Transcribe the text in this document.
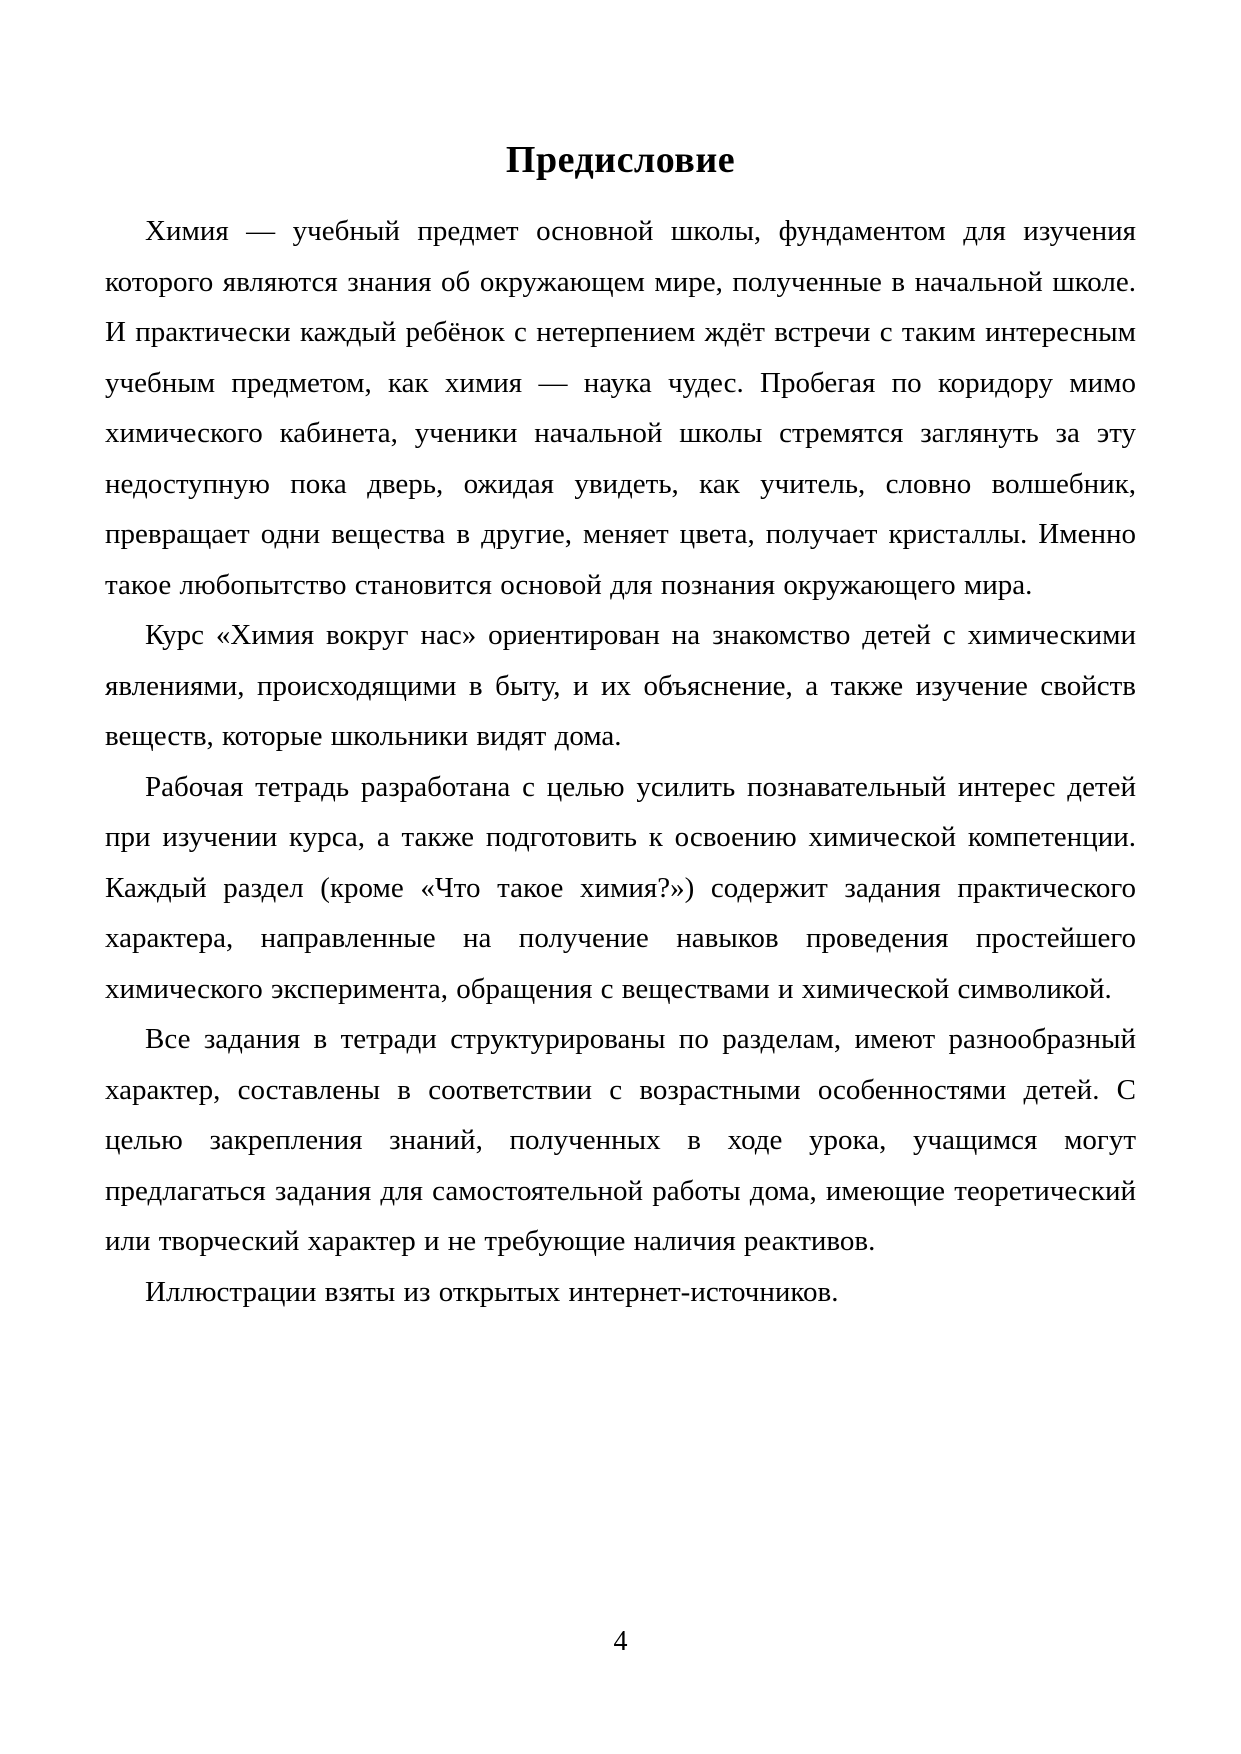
Предисловие

Химия — учебный предмет основной школы, фундаментом для изучения которого являются знания об окружающем мире, полученные в начальной школе. И практически каждый ребёнок с нетерпением ждёт встречи с таким интересным учебным предметом, как химия — наука чудес. Пробегая по коридору мимо химического кабинета, ученики начальной школы стремятся заглянуть за эту недоступную пока дверь, ожидая увидеть, как учитель, словно волшебник, превращает одни вещества в другие, меняет цвета, получает кристаллы. Именно такое любопытство становится основой для познания окружающего мира.

Курс «Химия вокруг нас» ориентирован на знакомство детей с химическими явлениями, происходящими в быту, и их объяснение, а также изучение свойств веществ, которые школьники видят дома.

Рабочая тетрадь разработана с целью усилить познавательный интерес детей при изучении курса, а также подготовить к освоению химической компетенции. Каждый раздел (кроме «Что такое химия?») содержит задания практического характера, направленные на получение навыков проведения простейшего химического эксперимента, обращения с веществами и химической символикой.

Все задания в тетради структурированы по разделам, имеют разнообразный характер, составлены в соответствии с возрастными особенностями детей. С целью закрепления знаний, полученных в ходе урока, учащимся могут предлагаться задания для самостоятельной работы дома, имеющие теоретический или творческий характер и не требующие наличия реактивов.

Иллюстрации взяты из открытых интернет-источников.

4
